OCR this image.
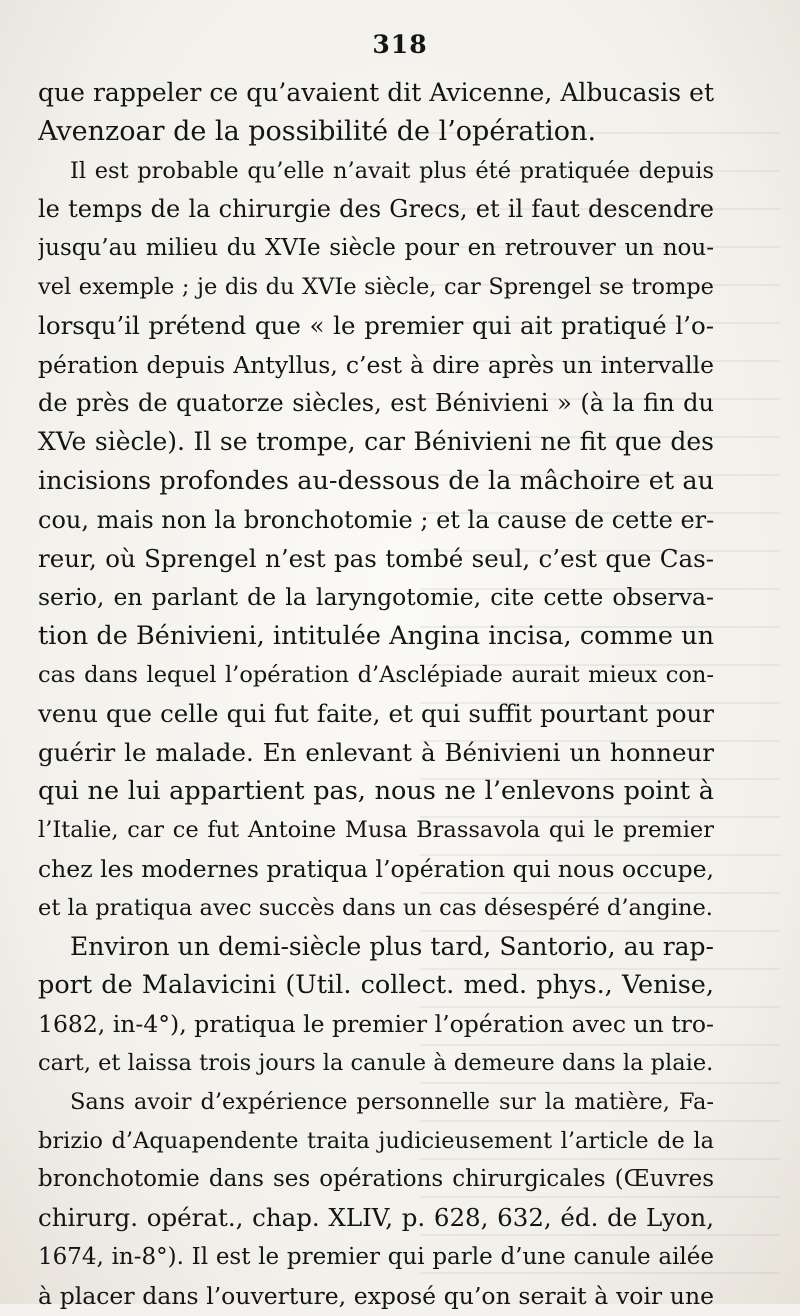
318
que rappeler ce qu’avaient dit Avicenne, Albucasis et
Avenzoar de la possibilité de l’opération.
Il est probable qu’elle n’avait plus été pratiquée depuis
le temps de la chirurgie des Grecs, et il faut descendre
jusqu’au milieu du XVIe siècle pour en retrouver un nou-
vel exemple ; je dis du XVIe siècle, car Sprengel se trompe
lorsqu’il prétend que « le premier qui ait pratiqué l’o-
pération depuis Antyllus, c’est à dire après un intervalle
de près de quatorze siècles, est Bénivieni » (à la fin du
XVe siècle). Il se trompe, car Bénivieni ne fit que des
incisions profondes au-dessous de la mâchoire et au
cou, mais non la bronchotomie ; et la cause de cette er-
reur, où Sprengel n’est pas tombé seul, c’est que Cas-
serio, en parlant de la laryngotomie, cite cette observa-
tion de Bénivieni, intitulée Angina incisa, comme un
cas dans lequel l’opération d’Asclépiade aurait mieux con-
venu que celle qui fut faite, et qui suffit pourtant pour
guérir le malade. En enlevant à Bénivieni un honneur
qui ne lui appartient pas, nous ne l’enlevons point à
l’Italie, car ce fut Antoine Musa Brassavola qui le premier
chez les modernes pratiqua l’opération qui nous occupe,
et la pratiqua avec succès dans un cas désespéré d’angine.
Environ un demi-siècle plus tard, Santorio, au rap-
port de Malavicini (Util. collect. med. phys., Venise,
1682, in-4°), pratiqua le premier l’opération avec un tro-
cart, et laissa trois jours la canule à demeure dans la plaie.
Sans avoir d’expérience personnelle sur la matière, Fa-
brizio d’Aquapendente traita judicieusement l’article de la
bronchotomie dans ses opérations chirurgicales (Œuvres
chirurg. opérat., chap. XLIV, p. 628, 632, éd. de Lyon,
1674, in-8°). Il est le premier qui parle d’une canule ailée
à placer dans l’ouverture, exposé qu’on serait à voir une
